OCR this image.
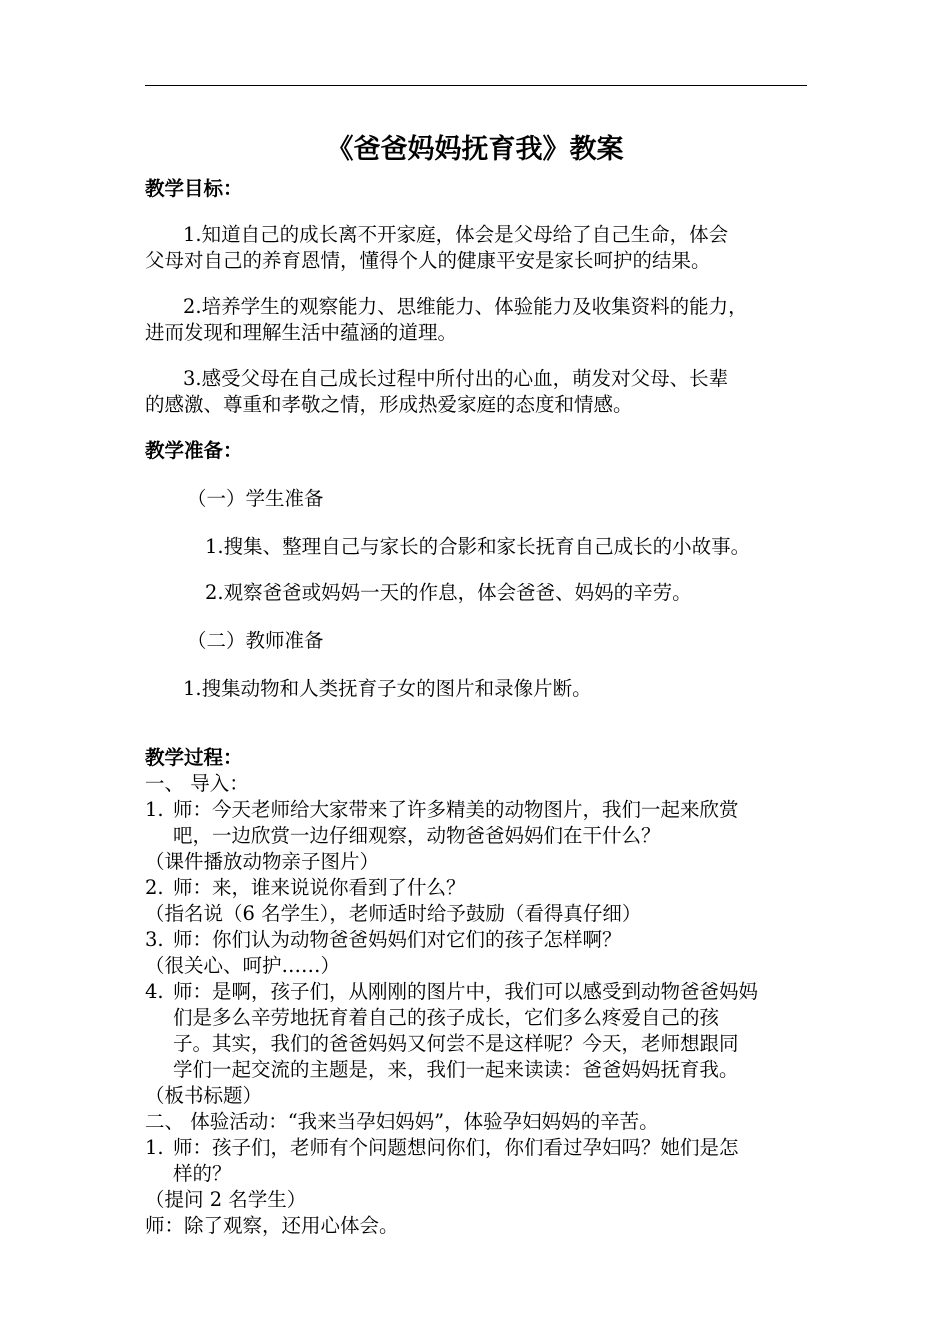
《爸爸妈妈抚育我》教案
教学目标：
1.知道自己的成长离不开家庭，体会是父母给了自己生命，体会
父母对自己的养育恩情，懂得个人的健康平安是家长呵护的结果。
2.培养学生的观察能力、思维能力、体验能力及收集资料的能力，
进而发现和理解生活中蕴涵的道理。
3.感受父母在自己成长过程中所付出的心血，萌发对父母、长辈
的感激、尊重和孝敬之情，形成热爱家庭的态度和情感。
教学准备：
（一）学生准备
1.搜集、整理自己与家长的合影和家长抚育自己成长的小故事。
2.观察爸爸或妈妈一天的作息，体会爸爸、妈妈的辛劳。
（二）教师准备
1.搜集动物和人类抚育子女的图片和录像片断。
教学过程：
一、 导入：
1. 师：今天老师给大家带来了许多精美的动物图片，我们一起来欣赏
吧，一边欣赏一边仔细观察，动物爸爸妈妈们在干什么？
（课件播放动物亲子图片）
2. 师：来，谁来说说你看到了什么？
（指名说（6 名学生），老师适时给予鼓励（看得真仔细）
3. 师：你们认为动物爸爸妈妈们对它们的孩子怎样啊？
（很关心、呵护……）
4. 师：是啊，孩子们，从刚刚的图片中，我们可以感受到动物爸爸妈妈
们是多么辛劳地抚育着自己的孩子成长，它们多么疼爱自己的孩
子。其实，我们的爸爸妈妈又何尝不是这样呢？今天，老师想跟同
学们一起交流的主题是，来，我们一起来读读：爸爸妈妈抚育我。
（板书标题）
二、 体验活动：“我来当孕妇妈妈”，体验孕妇妈妈的辛苦。
1. 师：孩子们，老师有个问题想问你们，你们看过孕妇吗？她们是怎
样的？
（提问 2 名学生）
师：除了观察，还用心体会。
